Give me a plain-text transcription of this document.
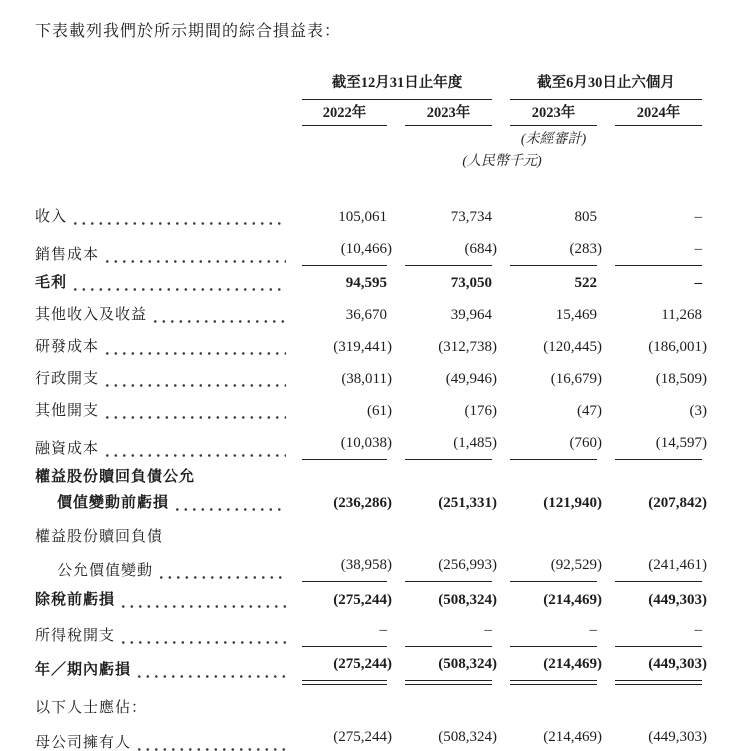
下表載列我們於所示期間的綜合損益表：

截至12月31日止年度
2022年	2023年
截至6月30日止六個月
2023年	2024年
(未經審計)
(人民幣千元)
收入	105,061	73,734	805	–
銷售成本	(10,466)	(684)	(283)	–
毛利	94,595	73,050	522	–
其他收入及收益	36,670	39,964	15,469	11,268
研發成本	(319,441)	(312,738)	(120,445)	(186,001)
行政開支	(38,011)	(49,946)	(16,679)	(18,509)
其他開支	(61)	(176)	(47)	(3)
融資成本	(10,038)	(1,485)	(760)	(14,597)
權益股份贖回負債公允
價值變動前虧損	(236,286)	(251,331)	(121,940)	(207,842)
權益股份贖回負債
公允價值變動	(38,958)	(256,993)	(92,529)	(241,461)
除稅前虧損	(275,244)	(508,324)	(214,469)	(449,303)
所得稅開支	–	–	–	–
年／期內虧損	(275,244)	(508,324)	(214,469)	(449,303)
以下人士應佔：
母公司擁有人	(275,244)	(508,324)	(214,469)	(449,303)
